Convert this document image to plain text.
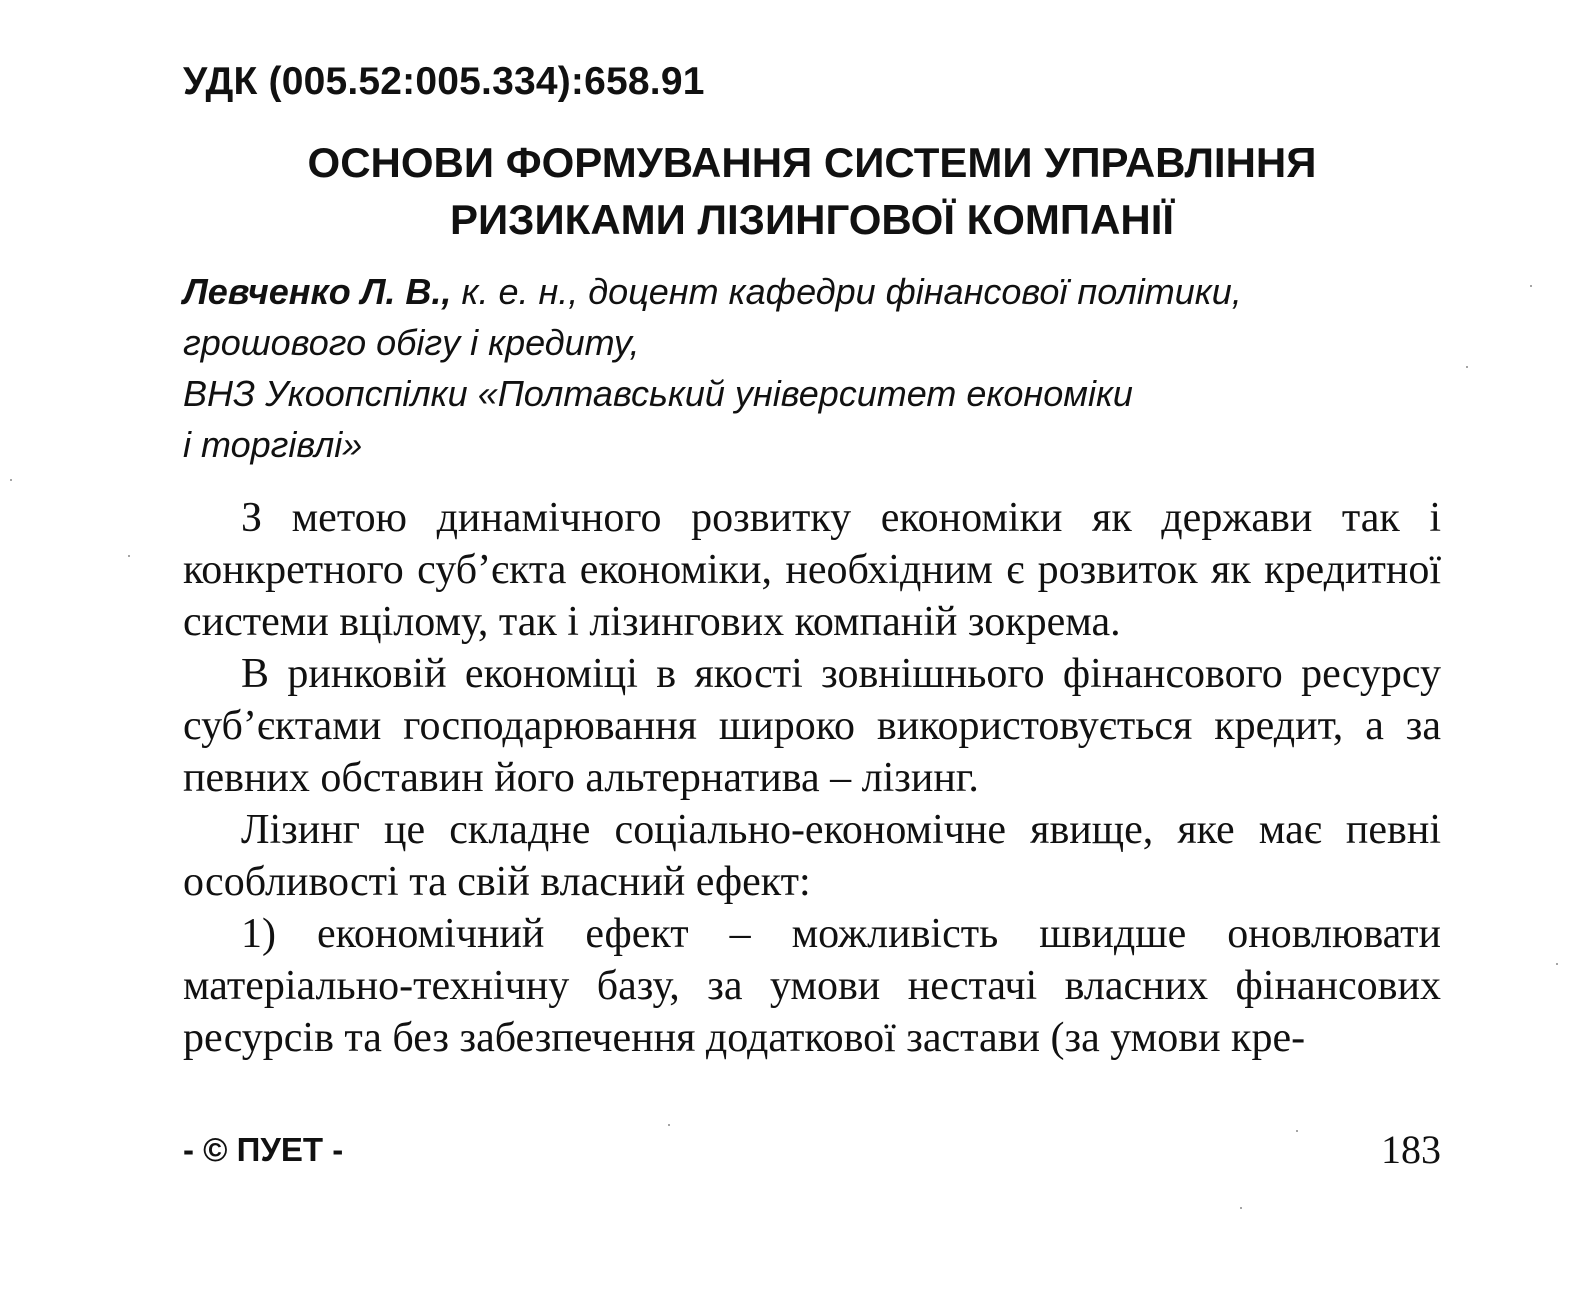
УДК (005.52:005.334):658.91
ОСНОВИ ФОРМУВАННЯ СИСТЕМИ УПРАВЛІННЯ
РИЗИКАМИ ЛІЗИНГОВОЇ КОМПАНІЇ
Левченко Л. В., к. е. н., доцент кафедри фінансової політики,
грошового обігу і кредиту,
ВНЗ Укоопспілки «Полтавський університет економіки
і торгівлі»

З метою динамічного розвитку економіки як держави так і конкретного суб’єкта економіки, необхідним є розвиток як кредитної системи вцілому, так і лізингових компаній зокрема.

В ринковій економіці в якості зовнішнього фінансового ресурсу суб’єктами господарювання широко використовується кредит, а за певних обставин його альтернатива – лізинг.

Лізинг це складне соціально-економічне явище, яке має певні особливості та свій власний ефект:

1) економічний ефект – можливість швидше оновлювати матеріально-технічну базу, за умови нестачі власних фінансових ресурсів та без забезпечення додаткової застави (за умови кре-

- © ПУЕТ -	183
